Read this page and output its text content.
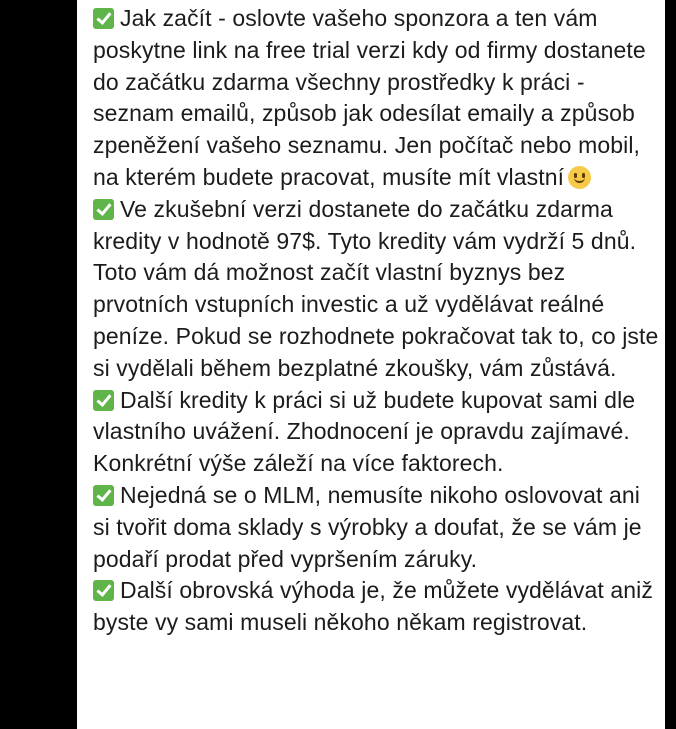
Jak začít - oslovte vašeho sponzora a ten vám poskytne link na free trial verzi kdy od firmy dostanete do začátku zdarma všechny prostředky k práci - seznam emailů, způsob jak odesílat emaily a způsob zpeněžení vašeho seznamu. Jen počítač nebo mobil, na kterém budete pracovat, musíte mít vlastní

Ve zkušební verzi dostanete do začátku zdarma kredity v hodnotě 97$. Tyto kredity vám vydrží 5 dnů. Toto vám dá možnost začít vlastní byznys bez prvotních vstupních investic a už vydělávat reálné peníze. Pokud se rozhodnete pokračovat tak to, co jste si vydělali během bezplatné zkoušky, vám zůstává.

Další kredity k práci si už budete kupovat sami dle vlastního uvážení. Zhodnocení je opravdu zajímavé. Konkrétní výše záleží na více faktorech.

Nejedná se o MLM, nemusíte nikoho oslovovat ani si tvořit doma sklady s výrobky a doufat, že se vám je podaří prodat před vypršením záruky.

Další obrovská výhoda je, že můžete vydělávat aniž byste vy sami museli někoho někam registrovat.
